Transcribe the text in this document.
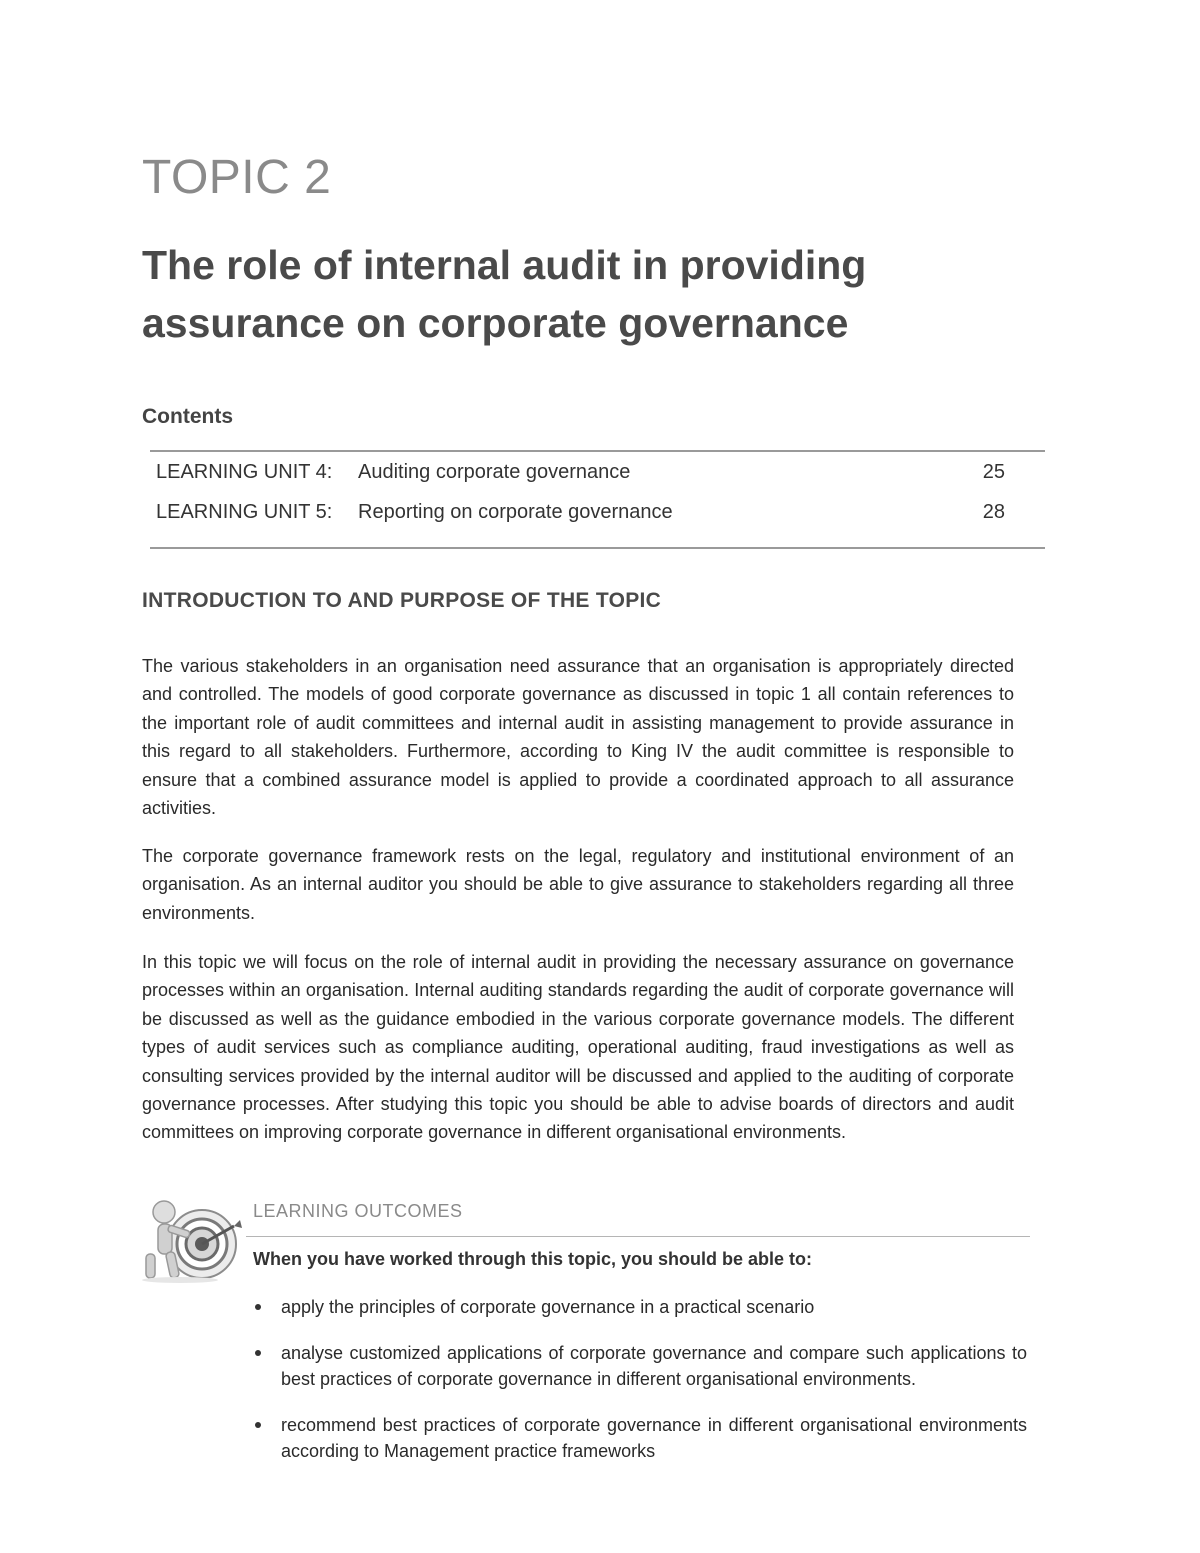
TOPIC 2
The role of internal audit in providing assurance on corporate governance
Contents
LEARNING UNIT 4:	Auditing corporate governance	25
LEARNING UNIT 5:	Reporting on corporate governance	28
INTRODUCTION TO AND PURPOSE OF THE TOPIC

The various stakeholders in an organisation need assurance that an organisation is appropriately directed and controlled. The models of good corporate governance as discussed in topic 1 all contain references to the important role of audit committees and internal audit in assisting management to provide assurance in this regard to all stakeholders. Furthermore, according to King IV the audit committee is responsible to ensure that a combined assurance model is applied to provide a coordinated approach to all assurance activities.

The corporate governance framework rests on the legal, regulatory and institutional environment of an organisation. As an internal auditor you should be able to give assurance to stakeholders regarding all three environments.

In this topic we will focus on the role of internal audit in providing the necessary assurance on governance processes within an organisation. Internal auditing standards regarding the audit of corporate governance will be discussed as well as the guidance embodied in the various corporate governance models. The different types of audit services such as compliance auditing, operational auditing, fraud investigations as well as consulting services provided by the internal auditor will be discussed and applied to the auditing of corporate governance processes. After studying this topic you should be able to advise boards of directors and audit committees on improving corporate governance in different organisational environments.

LEARNING OUTCOMES
When you have worked through this topic, you should be able to:
apply the principles of corporate governance in a practical scenario
analyse customized applications of corporate governance and compare such applications to best practices of corporate governance in different organisational environments.
recommend best practices of corporate governance in different organisational environments according to Management practice frameworks
